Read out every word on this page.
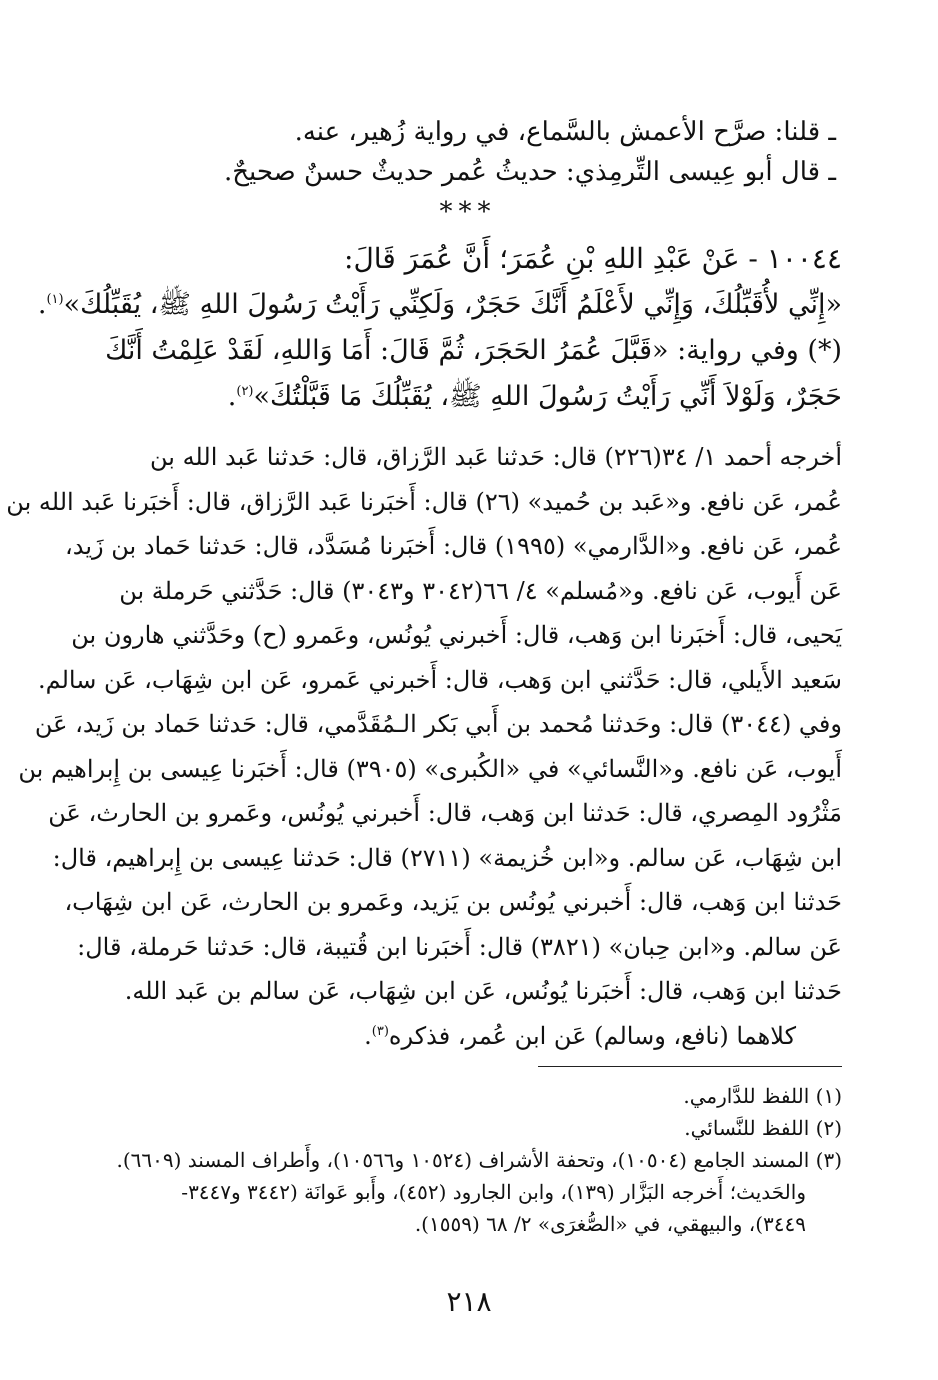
ـ قلنا: صرَّح الأعمش بالسَّماع، في رواية زُهير، عنه.
ـ قال أبو عِيسى التِّرمِذي: حديثُ عُمر حديثٌ حسنٌ صحيحٌ.
***
١٠٠٤٤ - عَنْ عَبْدِ اللهِ بْنِ عُمَرَ؛ أَنَّ عُمَرَ قَالَ:
«إِنِّي لأُقَبِّلُكَ، وَإِنِّي لأَعْلَمُ أَنَّكَ حَجَرٌ، وَلَكِنِّي رَأَيْتُ رَسُولَ اللهِ ﷺ، يُقَبِّلُكَ»$^{(١)}$.
(*) وفي رواية: «قَبَّلَ عُمَرُ الحَجَرَ، ثُمَّ قَالَ: أَمَا وَاللهِ، لَقَدْ عَلِمْتُ أَنَّكَ
حَجَرٌ، وَلَوْلاَ أَنِّي رَأَيْتُ رَسُولَ اللهِ ﷺ، يُقَبِّلُكَ مَا قَبَّلْتُكَ»$^{(٢)}$.
أخرجه أحمد ١/ ٣٤(٢٢٦) قال: حَدثنا عَبد الرَّزاق، قال: حَدثنا عَبد الله بن
عُمر، عَن نافع. و«عَبد بن حُميد» (٢٦) قال: أَخبَرنا عَبد الرَّزاق، قال: أَخبَرنا عَبد الله بن
عُمر، عَن نافع. و«الدَّارمي» (١٩٩٥) قال: أَخبَرنا مُسَدَّد، قال: حَدثنا حَماد بن زَيد،
عَن أَيوب، عَن نافع. و«مُسلم» ٤/ ٦٦(٣٠٤٢ و٣٠٤٣) قال: حَدَّثني حَرملة بن
يَحيى، قال: أَخبَرنا ابن وَهب، قال: أَخبرني يُونُس، وعَمرو (ح) وحَدَّثني هارون بن
سَعيد الأَيلي، قال: حَدَّثني ابن وَهب، قال: أَخبرني عَمرو، عَن ابن شِهَاب، عَن سالم.
وفي (٣٠٤٤) قال: وحَدثنا مُحمد بن أَبي بَكر الـمُقَدَّمي، قال: حَدثنا حَماد بن زَيد، عَن
أَيوب، عَن نافع. و«النَّسائي» في «الكُبرى» (٣٩٠٥) قال: أَخبَرنا عِيسى بن إِبراهيم بن
مَثْرُود المِصري، قال: حَدثنا ابن وَهب، قال: أَخبرني يُونُس، وعَمرو بن الحارث، عَن
ابن شِهَاب، عَن سالم. و«ابن خُزيمة» (٢٧١١) قال: حَدثنا عِيسى بن إِبراهيم، قال:
حَدثنا ابن وَهب، قال: أَخبرني يُونُس بن يَزيد، وعَمرو بن الحارث، عَن ابن شِهَاب،
عَن سالم. و«ابن حِبان» (٣٨٢١) قال: أَخبَرنا ابن قُتيبة، قال: حَدثنا حَرملة، قال:
حَدثنا ابن وَهب، قال: أَخبَرنا يُونُس، عَن ابن شِهَاب، عَن سالم بن عَبد الله.
كلاهما (نافع، وسالم) عَن ابن عُمر، فذكره$^{(٣)}$.
(١) اللفظ للدَّارمي.
(٢) اللفظ للنَّسائي.
(٣) المسند الجامع (١٠٥٠٤)، وتحفة الأشراف (١٠٥٢٤ و١٠٥٦٦)، وأَطراف المسند (٦٦٠٩).
والحَديث؛ أَخرجه البَزَّار (١٣٩)، وابن الجارود (٤٥٢)، وأَبو عَوانَة (٣٤٤٢ و٣٤٤٧-
٣٤٤٩)، والبيهقي، في «الصُّغرَى» ٢/ ٦٨ (١٥٥٩).
٢١٨
